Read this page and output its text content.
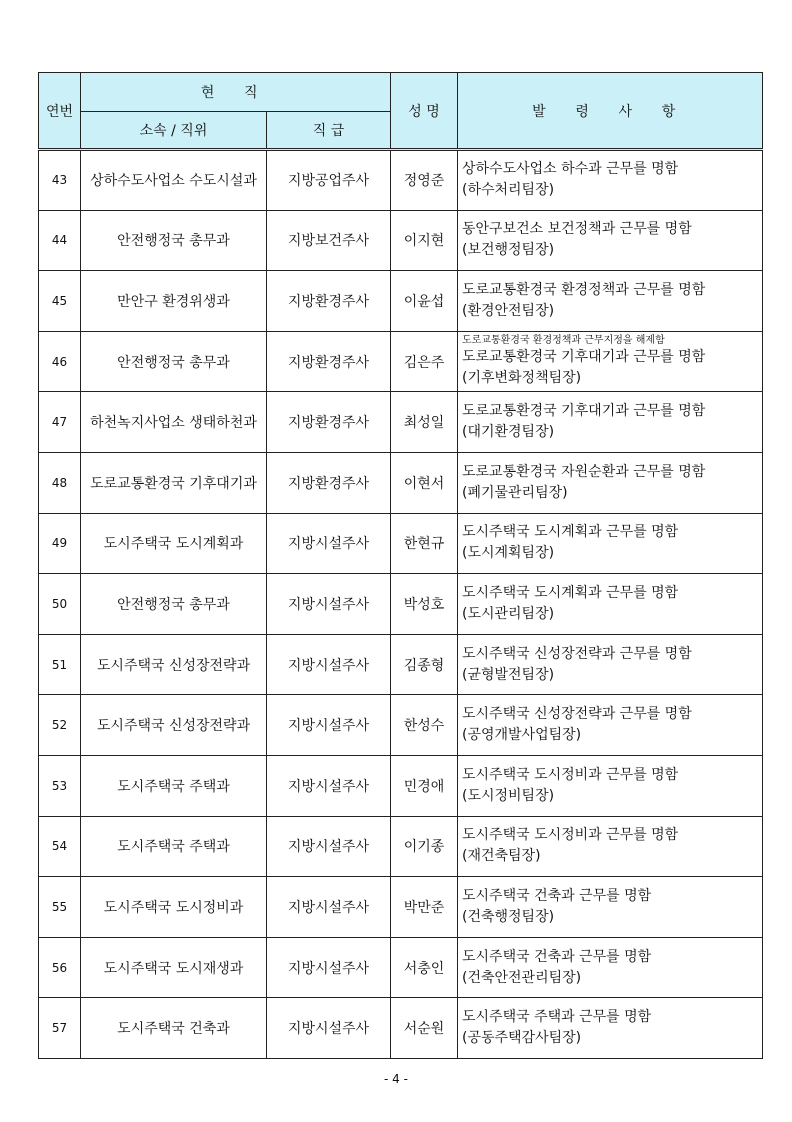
연번	현 직		성 명	발 령 사 항
	소속 / 직위	직 급		
43	상하수도사업소 수도시설과	지방공업주사	정영준	상하수도사업소 하수과 근무를 명함
(하수처리팀장)

44	안전행정국 총무과	지방보건주사	이지현	동안구보건소 보건정책과 근무를 명함
(보건행정팀장)

45	만안구 환경위생과	지방환경주사	이윤섭	도로교통환경국 환경정책과 근무를 명함
(환경안전팀장)

46	안전행정국 총무과	지방환경주사	김은주	도로교통환경국 환경정책과 근무지정을 해제함
도로교통환경국 기후대기과 근무를 명함
(기후변화정책팀장)

47	하천녹지사업소 생태하천과	지방환경주사	최성일	도로교통환경국 기후대기과 근무를 명함
(대기환경팀장)

48	도로교통환경국 기후대기과	지방환경주사	이현서	도로교통환경국 자원순환과 근무를 명함
(폐기물관리팀장)

49	도시주택국 도시계획과	지방시설주사	한현규	도시주택국 도시계획과 근무를 명함
(도시계획팀장)

50	안전행정국 총무과	지방시설주사	박성호	도시주택국 도시계획과 근무를 명함
(도시관리팀장)

51	도시주택국 신성장전략과	지방시설주사	김종형	도시주택국 신성장전략과 근무를 명함
(균형발전팀장)

52	도시주택국 신성장전략과	지방시설주사	한성수	도시주택국 신성장전략과 근무를 명함
(공영개발사업팀장)

53	도시주택국 주택과	지방시설주사	민경애	도시주택국 도시정비과 근무를 명함
(도시정비팀장)

54	도시주택국 주택과	지방시설주사	이기종	도시주택국 도시정비과 근무를 명함
(재건축팀장)

55	도시주택국 도시정비과	지방시설주사	박만준	도시주택국 건축과 근무를 명함
(건축행정팀장)

56	도시주택국 도시재생과	지방시설주사	서충인	도시주택국 건축과 근무를 명함
(건축안전관리팀장)

57	도시주택국 건축과	지방시설주사	서순원	도시주택국 주택과 근무를 명함
(공동주택감사팀장)
- 4 -
